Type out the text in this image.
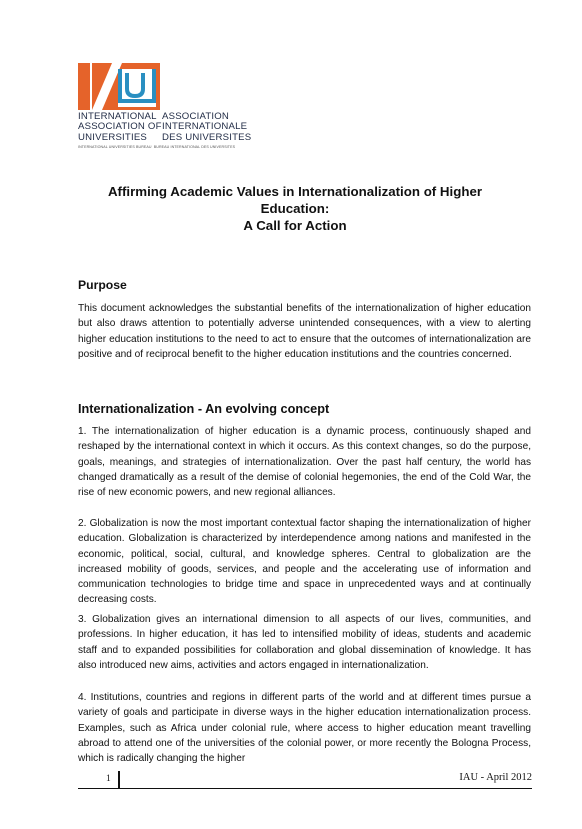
INTERNATIONAL ASSOCIATION
ASSOCIATION OF INTERNATIONALE
UNIVERSITIES	DES UNIVERSITES
INTERNATIONAL UNIVERSITIES BUREAU BUREAU INTERNATIONAL DES UNIVERSITES
Affirming Academic Values in Internationalization of Higher
Education:
A Call for Action
Purpose
This document acknowledges the substantial benefits of the internationalization of higher education but also draws attention to potentially adverse unintended consequences, with a view to alerting higher education institutions to the need to act to ensure that the outcomes of internationalization are positive and of reciprocal benefit to the higher education institutions and the countries concerned.
Internationalization - An evolving concept
1. The internationalization of higher education is a dynamic process, continuously shaped and reshaped by the international context in which it occurs. As this context changes, so do the purpose, goals, meanings, and strategies of internationalization. Over the past half century, the world has changed dramatically as a result of the demise of colonial hegemonies, the end of the Cold War, the rise of new economic powers, and new regional alliances.
2. Globalization is now the most important contextual factor shaping the internationalization of higher education. Globalization is characterized by interdependence among nations and manifested in the economic, political, social, cultural, and knowledge spheres. Central to globalization are the increased mobility of goods, services, and people and the accelerating use of information and communication technologies to bridge time and space in unprecedented ways and at continually decreasing costs.
3. Globalization gives an international dimension to all aspects of our lives, communities, and professions. In higher education, it has led to intensified mobility of ideas, students and academic staff and to expanded possibilities for collaboration and global dissemination of knowledge. It has also introduced new aims, activities and actors engaged in internationalization.
4. Institutions, countries and regions in different parts of the world and at different times pursue a variety of goals and participate in diverse ways in the higher education internationalization process. Examples, such as Africa under colonial rule, where access to higher education meant travelling abroad to attend one of the universities of the colonial power, or more recently the Bologna Process, which is radically changing the higher
1	IAU - April 2012
